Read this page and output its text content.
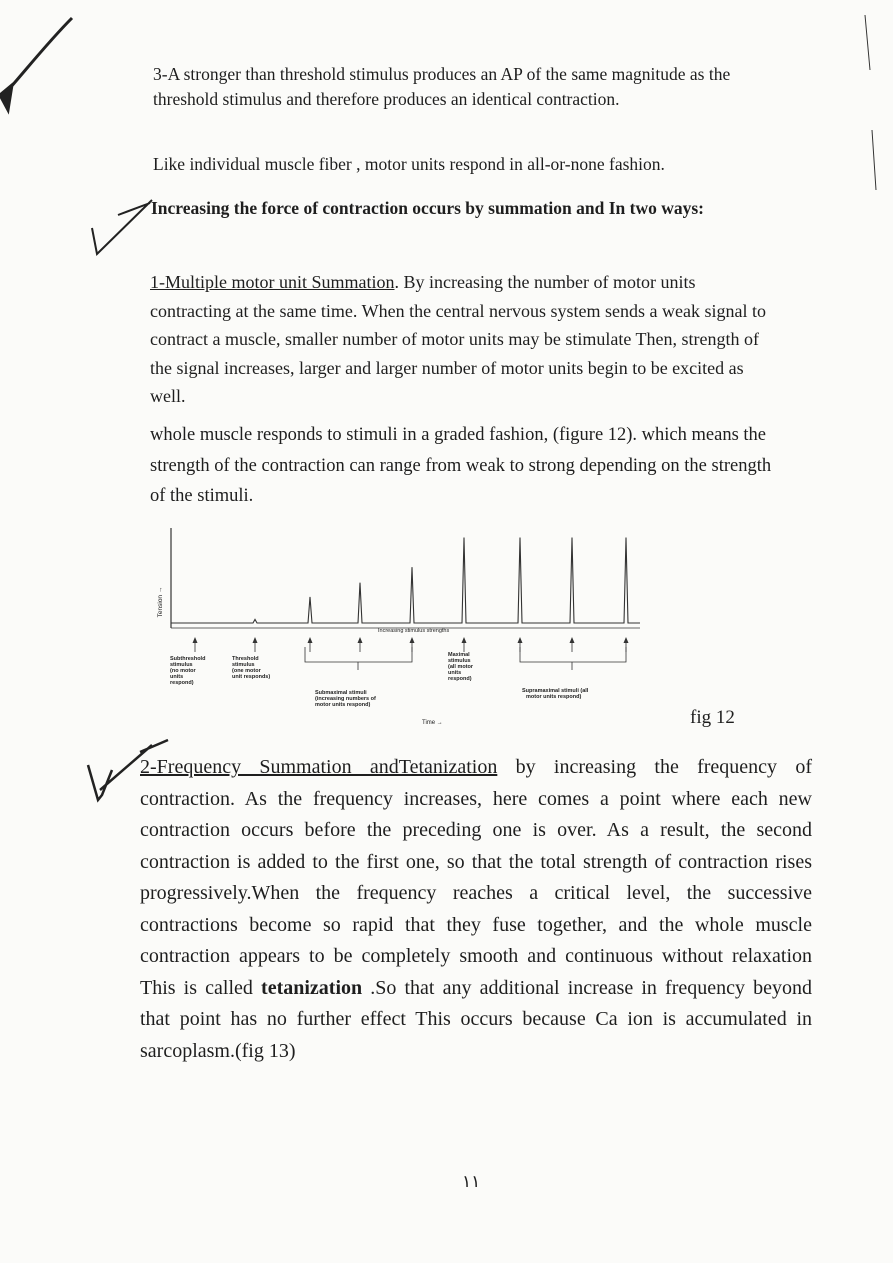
3-A stronger than threshold stimulus produces an AP of the same magnitude as the threshold stimulus and therefore produces an identical contraction.

Like individual muscle fiber , motor units respond in all-or-none fashion.

Increasing the force of contraction occurs by summation and In two ways:

1-Multiple motor unit Summation. By increasing the number of motor units contracting at the same time. When the central nervous system sends a weak signal to contract a muscle, smaller number of motor units may be stimulate Then, strength of the signal increases, larger and larger number of motor units begin to be excited as well.

whole muscle responds to stimuli in a graded fashion, (figure 12). which means the strength of the contraction can range from weak to strong depending on the strength of the stimuli.

Tension →
Increasing stimulus strengths
Subthreshold stimulus (no motor units respond)
Threshold stimulus (one motor unit responds)
Submaximal stimuli (increasing numbers of motor units respond)
Maximal stimulus (all motor units respond)
Supramaximal stimuli (all motor units respond)
Time →	fig 12

2-Frequency Summation andTetanization by increasing the frequency of contraction. As the frequency increases, here comes a point where each new contraction occurs before the preceding one is over. As a result, the second contraction is added to the first one, so that the total strength of contraction rises progressively.When the frequency reaches a critical level, the successive contractions become so rapid that they fuse together, and the whole muscle contraction appears to be completely smooth and continuous without relaxation This is called tetanization .So that any additional increase in frequency beyond that point has no further effect This occurs because Ca ion is accumulated in sarcoplasm.(fig 13)

١١
